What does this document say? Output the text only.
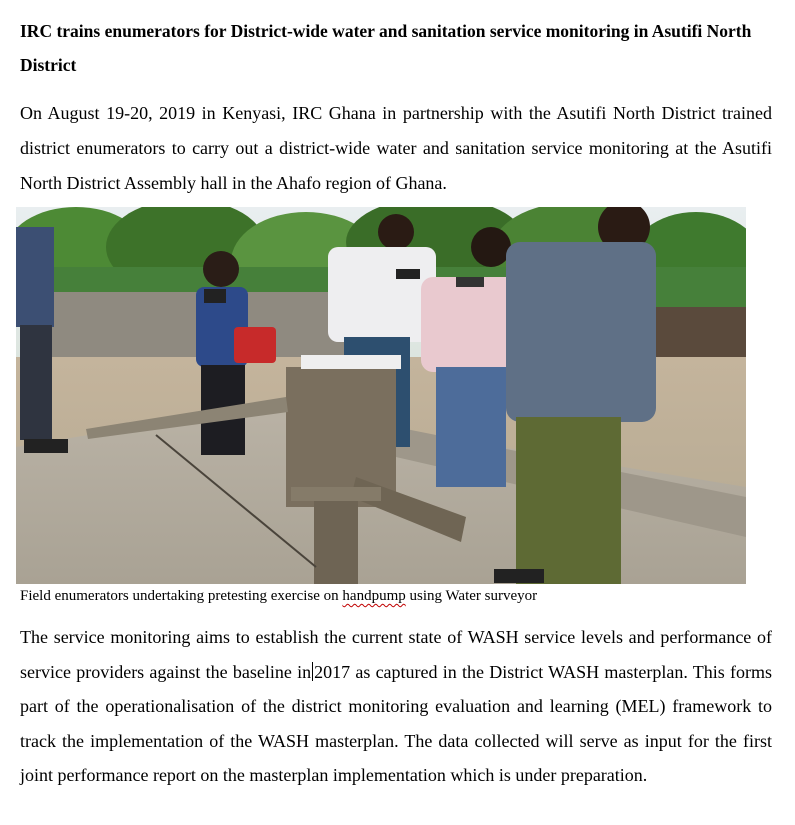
IRC trains enumerators for District-wide water and sanitation service monitoring in Asutifi North District
On August 19-20, 2019 in Kenyasi, IRC Ghana in partnership with the Asutifi North District trained district enumerators to carry out a district-wide water and sanitation service monitoring at the Asutifi North District Assembly hall in the Ahafo region of Ghana.
Field enumerators undertaking pretesting exercise on handpump using Water surveyor
The service monitoring aims to establish the current state of WASH service levels and performance of service providers against the baseline in 2017 as captured in the District WASH masterplan. This forms part of the operationalisation of the district monitoring evaluation and learning (MEL) framework to track the implementation of the WASH masterplan. The data collected will serve as input for the first joint performance report on the masterplan implementation which is under preparation.
